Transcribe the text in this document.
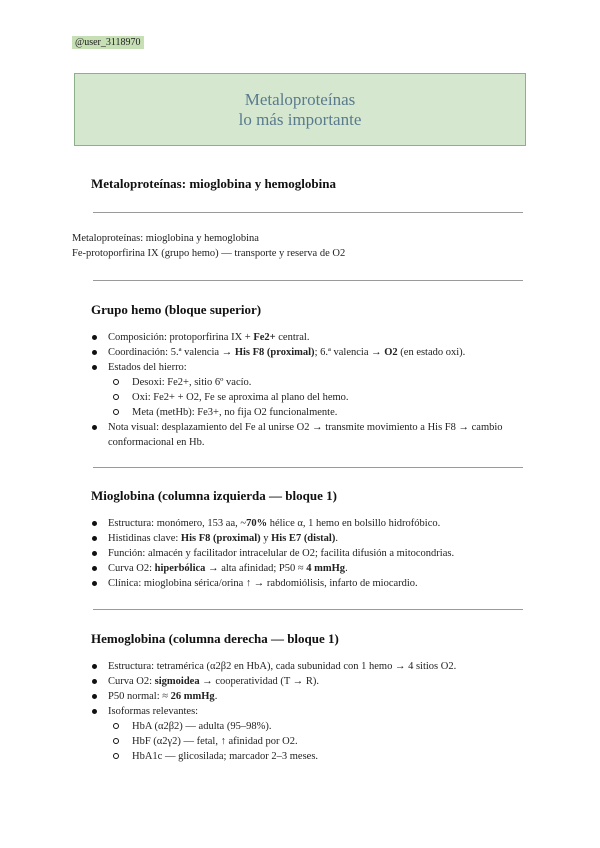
@user_3118970
Metaloproteínas
lo más importante
Metaloproteínas: mioglobina y hemoglobina
Metaloproteínas: mioglobina y hemoglobina
Fe-protoporfirina IX (grupo hemo) — transporte y reserva de O2
Grupo hemo (bloque superior)
Composición: protoporfirina IX + Fe2+ central.
Coordinación: 5.ª valencia → His F8 (proximal); 6.ª valencia → O2 (en estado oxi).
Estados del hierro:
Desoxi: Fe2+, sitio 6º vacío.
Oxi: Fe2+ + O2, Fe se aproxima al plano del hemo.
Meta (metHb): Fe3+, no fija O2 funcionalmente.
Nota visual: desplazamiento del Fe al unirse O2 → transmite movimiento a His F8 → cambio conformacional en Hb.
Mioglobina (columna izquierda — bloque 1)
Estructura: monómero, 153 aa, ~70% hélice α, 1 hemo en bolsillo hidrofóbico.
Histidinas clave: His F8 (proximal) y His E7 (distal).
Función: almacén y facilitador intracelular de O2; facilita difusión a mitocondrias.
Curva O2: hiperbólica → alta afinidad; P50 ≈ 4 mmHg.
Clínica: mioglobina sérica/orina ↑ → rabdomiólisis, infarto de miocardio.
Hemoglobina (columna derecha — bloque 1)
Estructura: tetramérica (α2β2 en HbA), cada subunidad con 1 hemo → 4 sitios O2.
Curva O2: sigmoidea → cooperatividad (T → R).
P50 normal: ≈ 26 mmHg.
Isoformas relevantes:
HbA (α2β2) — adulta (95–98%).
HbF (α2γ2) — fetal, ↑ afinidad por O2.
HbA1c — glicosilada; marcador 2–3 meses.
